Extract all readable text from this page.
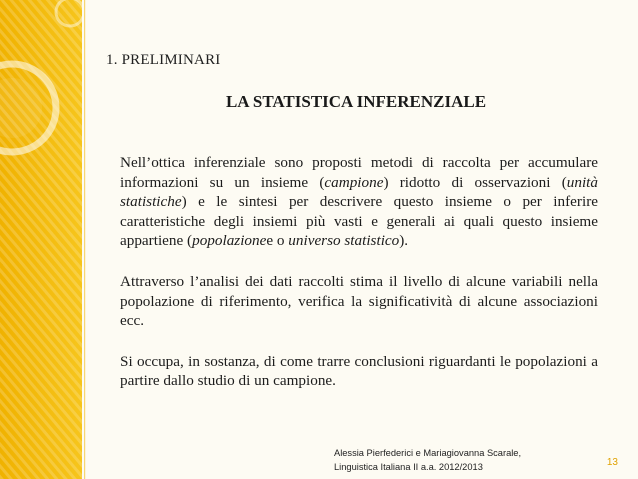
1. PRELIMINARI
LA STATISTICA INFERENZIALE

Nell’ottica inferenziale sono proposti metodi di raccolta per accumulare informazioni su un insieme (campione) ridotto di osservazioni (unità statistiche) e le sintesi per descrivere questo insieme o per inferire caratteristiche degli insiemi più vasti e generali ai quali questo insieme appartiene (popolazionee o universo statistico).

Attraverso l’analisi dei dati raccolti stima il livello di alcune variabili nella popolazione di riferimento, verifica la significatività di alcune associazioni ecc.

Si occupa, in sostanza, di come trarre conclusioni riguardanti le popolazioni a partire dallo studio di un campione.

Alessia Pierfederici e Mariagiovanna Scarale,
Linguistica Italiana II a.a. 2012/2013	13
